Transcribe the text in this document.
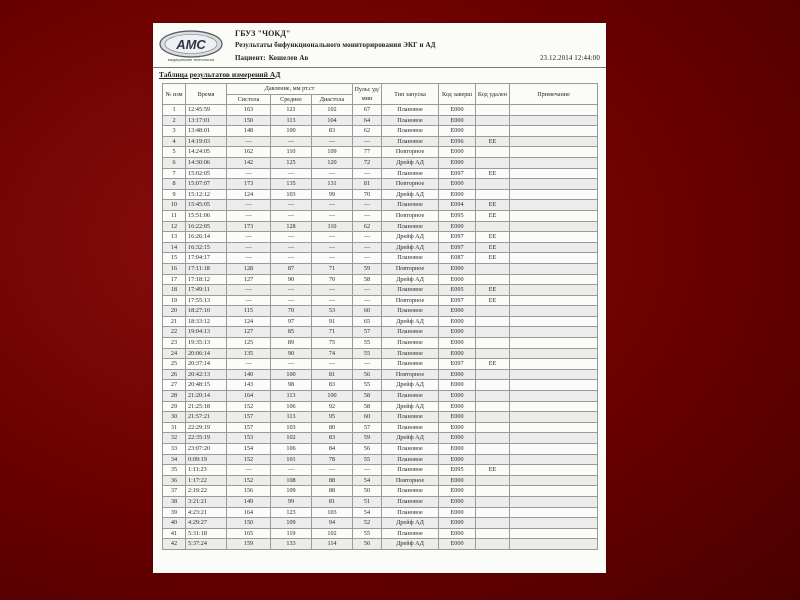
АМС
медицинские технологии
ГБУЗ "ЧОКД"
Результаты бифункционального мониторирования ЭКГ и АД
Пациент: Кошелев Ав	23.12.2014 12:44:00
Таблица результатов измерений АД
№ изм	Время	Давление, мм рт.ст			Пульс уд/мин	Тип запуска	Код заверш	Код удален	Примечание
		Систола	Среднее	Диастола					
1	12:45:59	163	121	102	67	Плановое	E000		
2	13:17:01	150	113	104	64	Плановое	E000		
3	13:48:01	148	100	83	62	Плановое	E000		
4	14:19:03	—	—	—	—	Плановое	E096	EE	
5	14:24:05	162	110	109	77	Повторное	E000		
6	14:30:06	142	125	120	72	Дрейф АД	E000		
7	15:02:05	—	—	—	—	Плановое	E097	EE	
8	15:07:07	173	135	131	81	Повторное	E000		
9	15:12:12	124	103	99	70	Дрейф АД	E000		
10	15:45:05	—	—	—	—	Плановое	E094	EE	
11	15:51:06	—	—	—	—	Повторное	E095	EE	
12	16:22:05	173	128	110	62	Плановое	E000		
13	16:26:14	—	—	—	—	Дрейф АД	E097	EE	
14	16:32:15	—	—	—	—	Дрейф АД	E097	EE	
15	17:04:17	—	—	—	—	Плановое	E087	EE	
16	17:11:18	128	87	71	59	Повторное	E000		
17	17:18:12	127	90	70	58	Дрейф АД	E000		
18	17:49:11	—	—	—	—	Плановое	E095	EE	
19	17:55:13	—	—	—	—	Повторное	E097	EE	
20	18:27:10	115	70	53	60	Плановое	E000		
21	18:33:12	124	97	91	65	Дрейф АД	E000		
22	19:04:13	127	85	71	57	Плановое	E000		
23	19:35:13	125	89	75	55	Плановое	E000		
24	20:06:14	135	90	74	55	Плановое	E000		
25	20:37:14	—	—	—	—	Плановое	E097	EE	
26	20:42:13	140	100	81	56	Повторное	E000		
27	20:48:15	143	98	83	55	Дрейф АД	E000		
28	21:20:14	164	113	100	58	Плановое	E000		
29	21:25:18	152	106	92	58	Дрейф АД	E000		
30	21:57:21	157	113	95	60	Плановое	E000		
31	22:29:19	157	103	80	57	Плановое	E000		
32	22:35:19	153	102	83	59	Дрейф АД	E000		
33	23:07:20	154	106	84	56	Плановое	E000		
34	0:09:19	152	101	78	55	Плановое	E000		
35	1:11:23	—	—	—	—	Плановое	E095	EE	
36	1:17:22	152	108	88	54	Повторное	E000		
37	2:19:22	156	109	88	50	Плановое	E000		
38	3:21:21	149	99	81	51	Плановое	E000		
39	4:23:21	164	123	103	54	Плановое	E000		
40	4:29:27	150	109	94	52	Дрейф АД	E000		
41	5:31:18	165	119	102	55	Плановое	E000		
42	5:37:24	159	133	114	56	Дрейф АД	E000		
